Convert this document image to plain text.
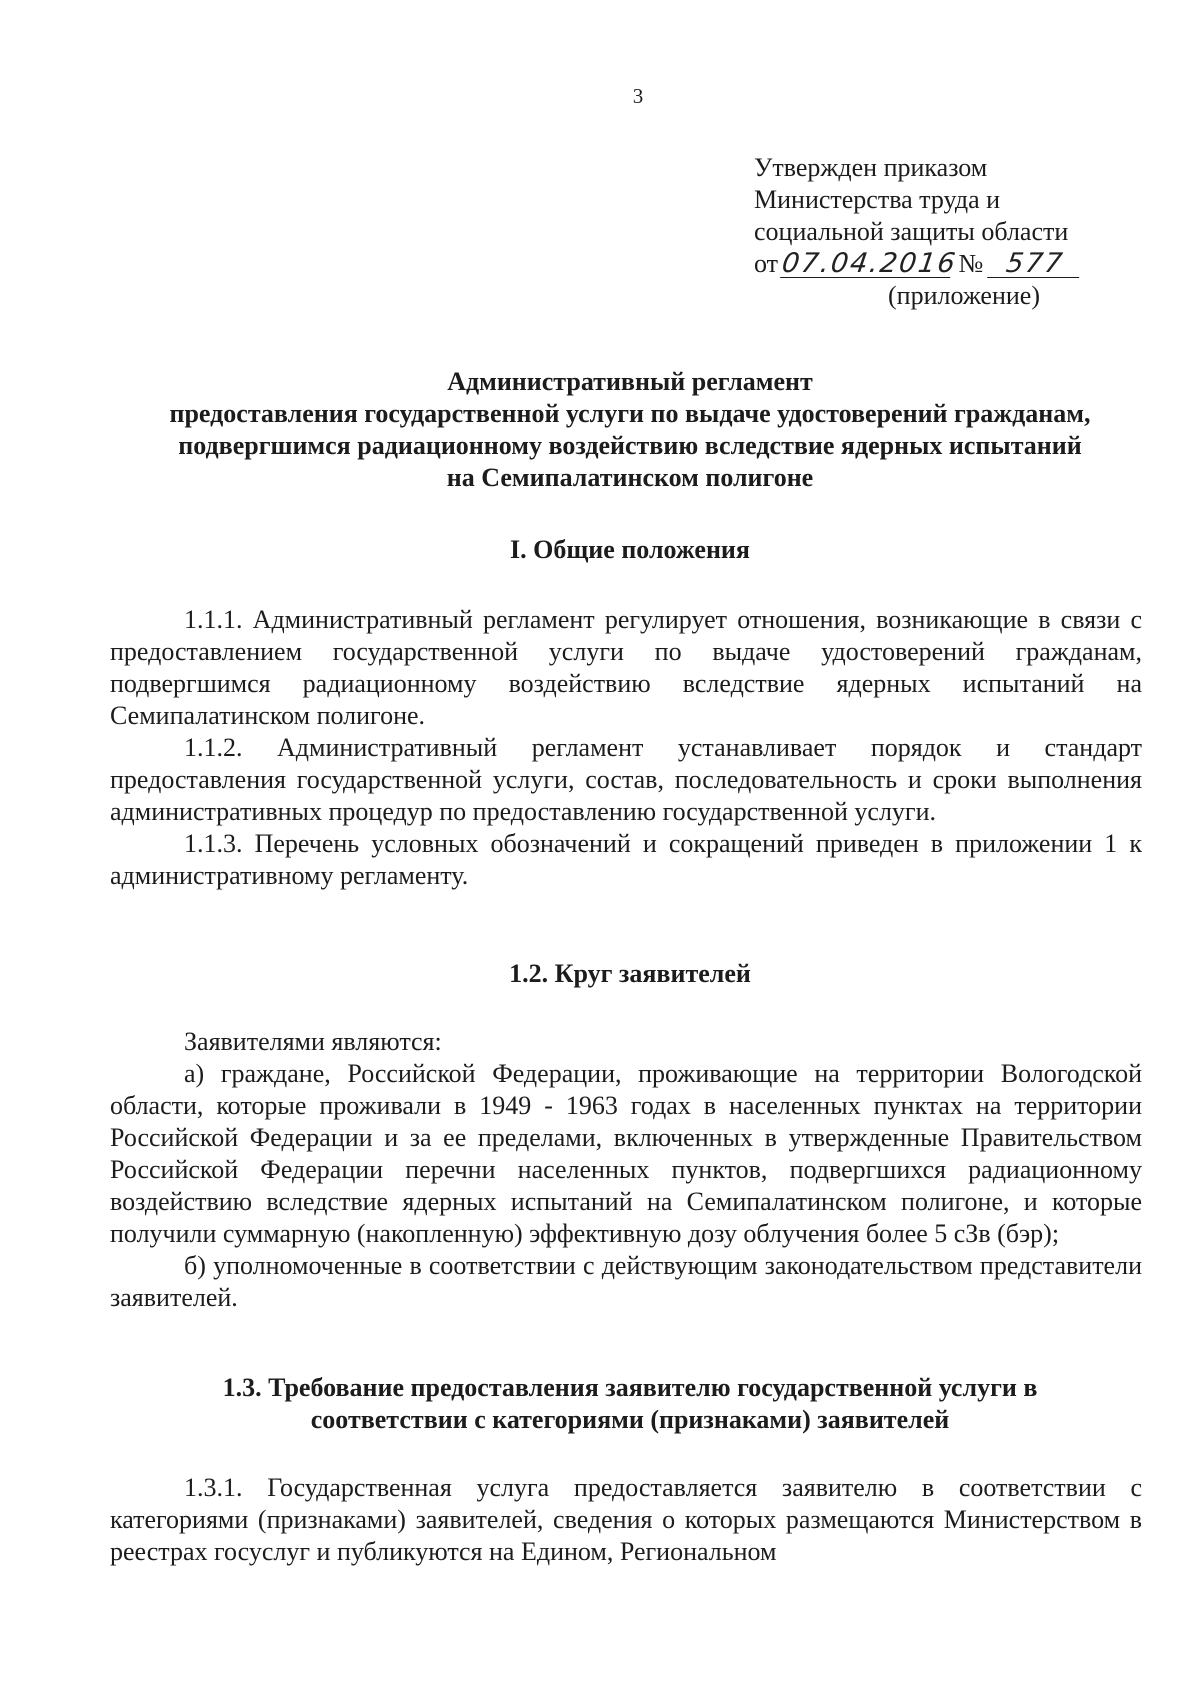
3
Утвержден приказом
Министерства труда и
социальной защиты области
от07.04.2016 № 577
(приложение)
Административный регламент
предоставления государственной услуги по выдаче удостоверений гражданам,
подвергшимся радиационному воздействию вследствие ядерных испытаний
на Семипалатинском полигоне
I. Общие положения

1.1.1. Административный регламент регулирует отношения, возникающие в связи с предоставлением государственной услуги по выдаче удостоверений гражданам, подвергшимся радиационному воздействию вследствие ядерных испытаний на Семипалатинском полигоне.

1.1.2. Административный регламент устанавливает порядок и стандарт предоставления государственной услуги, состав, последовательность и сроки выполнения административных процедур по предоставлению государственной услуги.

1.1.3. Перечень условных обозначений и сокращений приведен в приложении 1 к административному регламенту.

1.2. Круг заявителей

Заявителями являются:

а) граждане, Российской Федерации, проживающие на территории Вологодской области, которые проживали в 1949 - 1963 годах в населенных пунктах на территории Российской Федерации и за ее пределами, включенных в утвержденные Правительством Российской Федерации перечни населенных пунктов, подвергшихся радиационному воздействию вследствие ядерных испытаний на Семипалатинском полигоне, и которые получили суммарную (накопленную) эффективную дозу облучения более 5 сЗв (бэр);

б) уполномоченные в соответствии с действующим законодательством представители заявителей.

1.3. Требование предоставления заявителю государственной услуги в
соответствии с категориями (признаками) заявителей

1.3.1. Государственная услуга предоставляется заявителю в соответствии с категориями (признаками) заявителей, сведения о которых размещаются Министерством в реестрах госуслуг и публикуются на Едином, Региональном
